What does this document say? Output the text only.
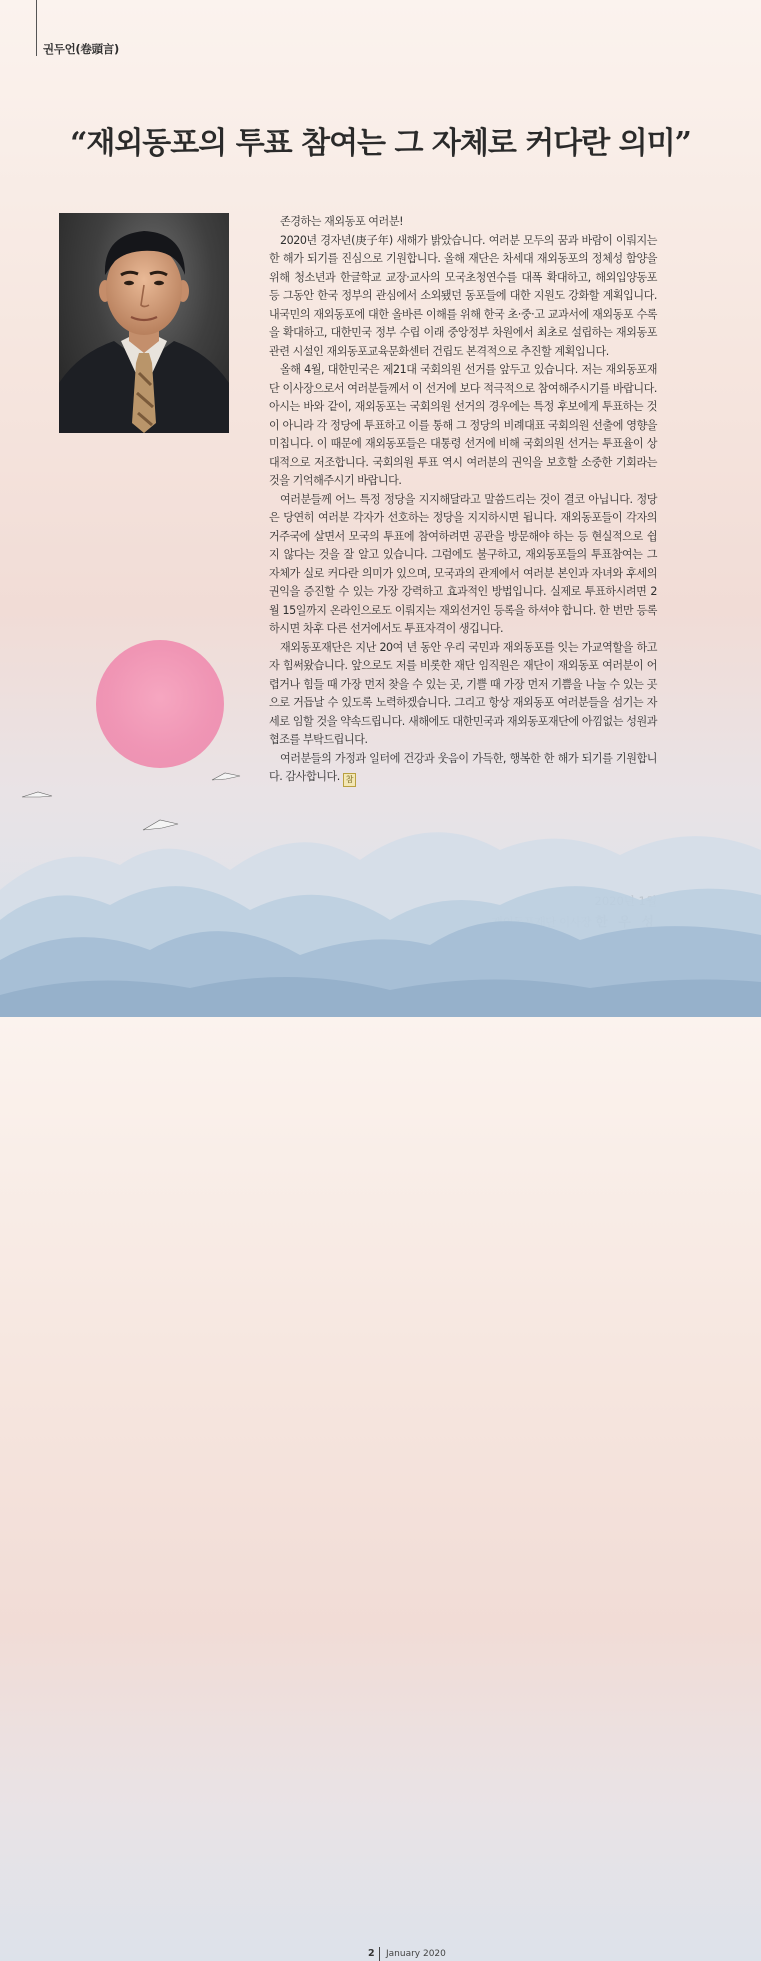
권두언(卷頭言)
“재외동포의 투표 참여는 그 자체로 커다란 의미”

존경하는 재외동포 여러분!

2020년 경자년(庚子年) 새해가 밝았습니다. 여러분 모두의 꿈과 바람이 이뤄지는 한 해가 되기를 진심으로 기원합니다. 올해 재단은 차세대 재외동포의 정체성 함양을 위해 청소년과 한글학교 교장·교사의 모국초청연수를 대폭 확대하고, 해외입양동포 등 그동안 한국 정부의 관심에서 소외됐던 동포들에 대한 지원도 강화할 계획입니다. 내국민의 재외동포에 대한 올바른 이해를 위해 한국 초·중·고 교과서에 재외동포 수록을 확대하고, 대한민국 정부 수립 이래 중앙정부 차원에서 최초로 설립하는 재외동포 관련 시설인 재외동포교육문화센터 건립도 본격적으로 추진할 계획입니다.

올해 4월, 대한민국은 제21대 국회의원 선거를 앞두고 있습니다. 저는 재외동포재단 이사장으로서 여러분들께서 이 선거에 보다 적극적으로 참여해주시기를 바랍니다. 아시는 바와 같이, 재외동포는 국회의원 선거의 경우에는 특정 후보에게 투표하는 것이 아니라 각 정당에 투표하고 이를 통해 그 정당의 비례대표 국회의원 선출에 영향을 미칩니다. 이 때문에 재외동포들은 대통령 선거에 비해 국회의원 선거는 투표율이 상대적으로 저조합니다. 국회의원 투표 역시 여러분의 권익을 보호할 소중한 기회라는 것을 기억해주시기 바랍니다.

여러분들께 어느 특정 정당을 지지해달라고 말씀드리는 것이 결코 아닙니다. 정당은 당연히 여러분 각자가 선호하는 정당을 지지하시면 됩니다. 재외동포들이 각자의 거주국에 살면서 모국의 투표에 참여하려면 공관을 방문해야 하는 등 현실적으로 쉽지 않다는 것을 잘 알고 있습니다. 그럼에도 불구하고, 재외동포들의 투표참여는 그 자체가 실로 커다란 의미가 있으며, 모국과의 관계에서 여러분 본인과 자녀와 후세의 권익을 증진할 수 있는 가장 강력하고 효과적인 방법입니다. 실제로 투표하시려면 2월 15일까지 온라인으로도 이뤄지는 재외선거인 등록을 하셔야 합니다. 한 번만 등록하시면 차후 다른 선거에서도 투표자격이 생깁니다.

재외동포재단은 지난 20여 년 동안 우리 국민과 재외동포를 잇는 가교역할을 하고자 힘써왔습니다. 앞으로도 저를 비롯한 재단 임직원은 재단이 재외동포 여러분이 어렵거나 힘들 때 가장 먼저 찾을 수 있는 곳, 기쁠 때 가장 먼저 기쁨을 나눌 수 있는 곳으로 거듭날 수 있도록 노력하겠습니다. 그리고 항상 재외동포 여러분들을 섬기는 자세로 임할 것을 약속드립니다. 새해에도 대한민국과 재외동포재단에 아낌없는 성원과 협조를 부탁드립니다.

여러분들의 가정과 일터에 건강과 웃음이 가득한, 행복한 한 해가 되기를 기원합니다. 감사합니다. 참

2 January 2020
